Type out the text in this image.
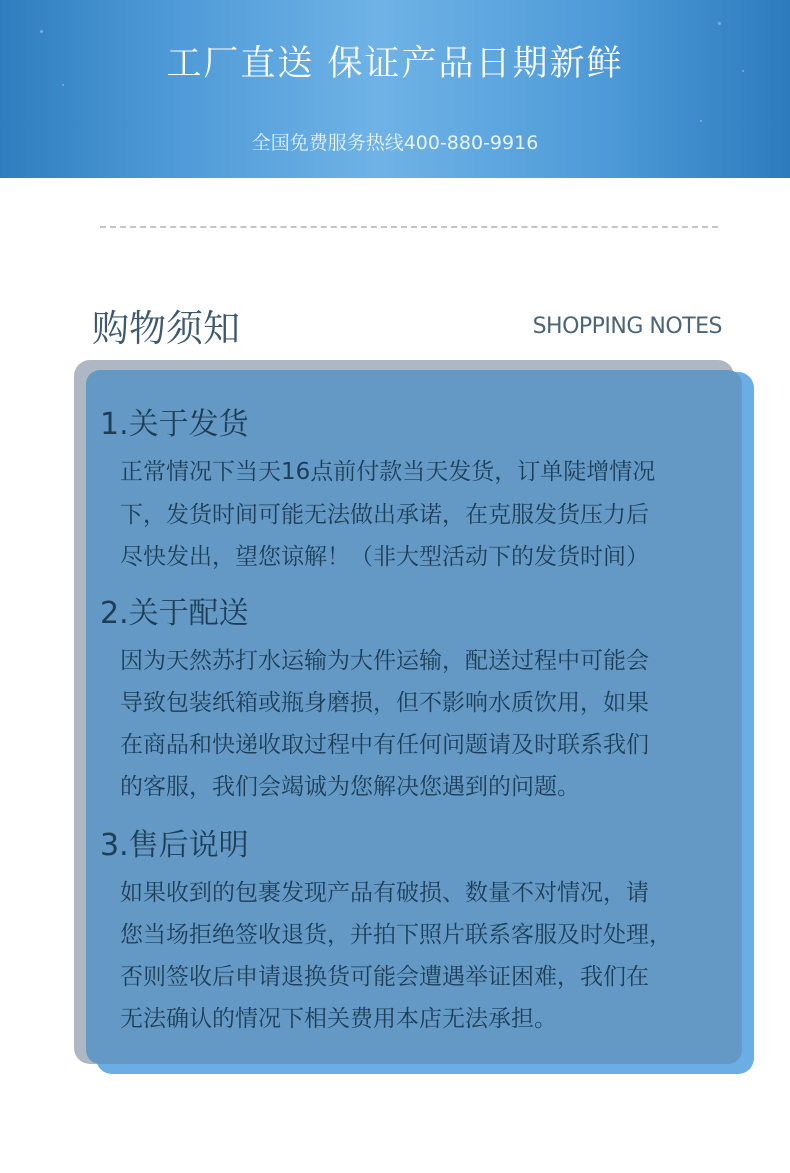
工厂直送 保证产品日期新鲜
全国免费服务热线400-880-9916
购物须知	SHOPPING NOTES
1.关于发货
正常情况下当天16点前付款当天发货，订单陡增情况
下，发货时间可能无法做出承诺，在克服发货压力后
尽快发出，望您谅解！（非大型活动下的发货时间）
2.关于配送
因为天然苏打水运输为大件运输，配送过程中可能会
导致包装纸箱或瓶身磨损，但不影响水质饮用，如果
在商品和快递收取过程中有任何问题请及时联系我们
的客服，我们会竭诚为您解决您遇到的问题。
3.售后说明
如果收到的包裹发现产品有破损、数量不对情况，请
您当场拒绝签收退货，并拍下照片联系客服及时处理，
否则签收后申请退换货可能会遭遇举证困难，我们在
无法确认的情况下相关费用本店无法承担。
